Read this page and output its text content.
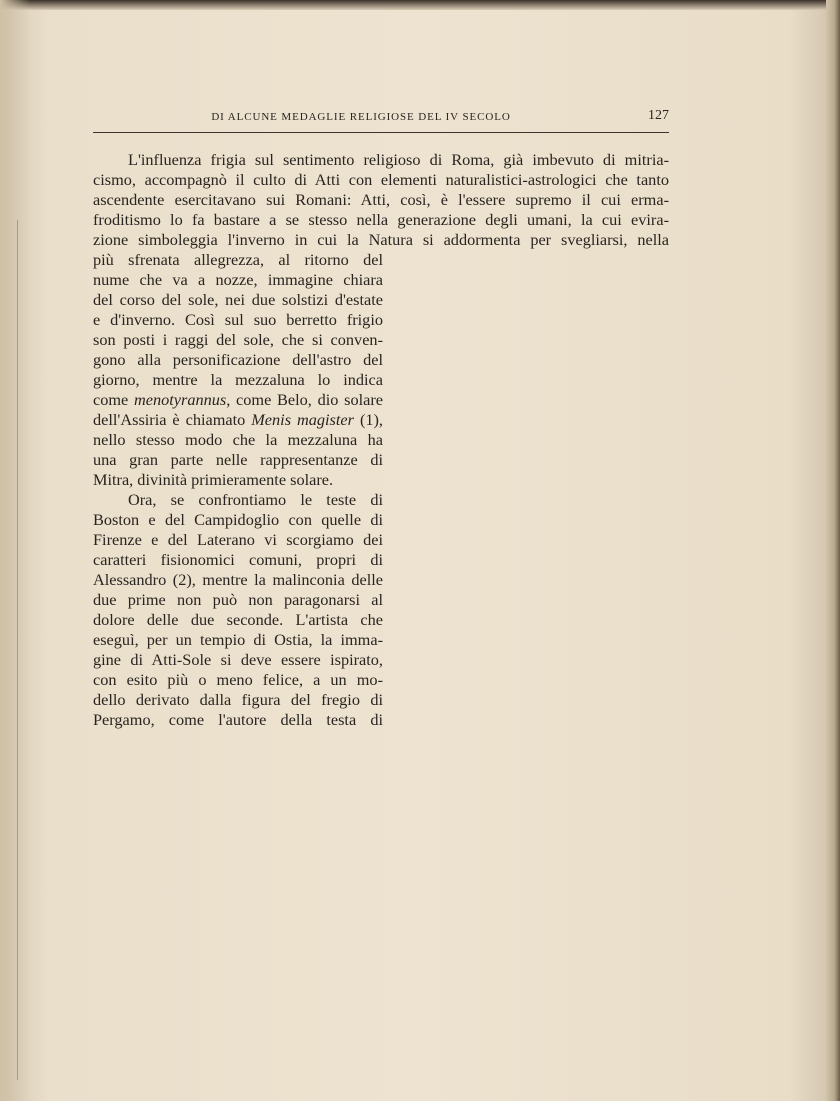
DI ALCUNE MEDAGLIE RELIGIOSE DEL IV SECOLO	127
L'influenza frigia sul sentimento religioso di Roma, già imbevuto di mitria-
cismo, accompagnò il culto di Atti con elementi naturalistici-astrologici che tanto
ascendente esercitavano sui Romani: Atti, così, è l'essere supremo il cui erma-
froditismo lo fa bastare a se stesso nella generazione degli umani, la cui evira-
zione simboleggia l'inverno in cui la Natura si addormenta per svegliarsi, nella
più sfrenata allegrezza, al ritorno del
nume che va a nozze, immagine chiara
del corso del sole, nei due solstizi d'estate
e d'inverno. Così sul suo berretto frigio
son posti i raggi del sole, che si conven-
gono alla personificazione dell'astro del
giorno, mentre la mezzaluna lo indica
come menotyrannus, come Belo, dio solare
dell'Assiria è chiamato Menis magister (1),
nello stesso modo che la mezzaluna ha
una gran parte nelle rappresentanze di
Mitra, divinità primieramente solare.
Ora, se confrontiamo le teste di
Boston e del Campidoglio con quelle di
Firenze e del Laterano vi scorgiamo dei
caratteri fisionomici comuni, propri di
Alessandro (2), mentre la malinconia delle
due prime non può non paragonarsi al
dolore delle due seconde. L'artista che
eseguì, per un tempio di Ostia, la imma-
gine di Atti-Sole si deve essere ispirato,
con esito più o meno felice, a un mo-
dello derivato dalla figura del fregio di
Pergamo, come l'autore della testa di
